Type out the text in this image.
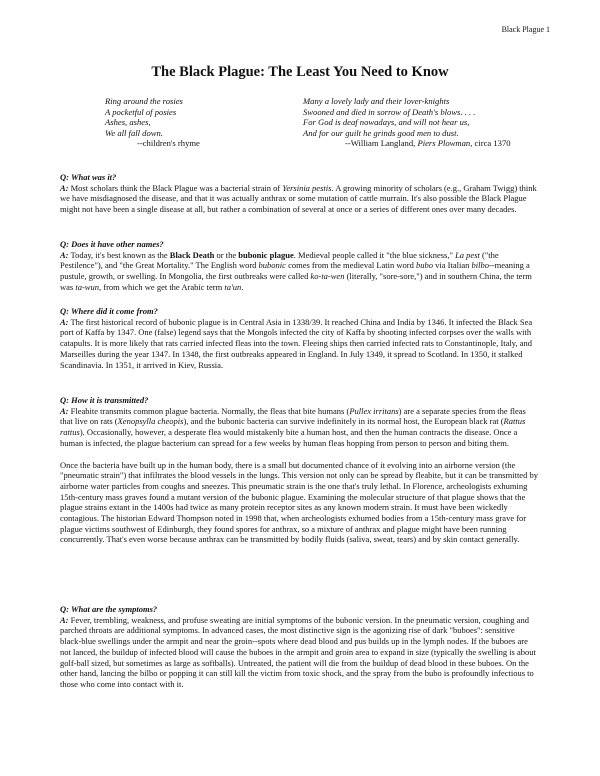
Black Plague 1
The Black Plague: The Least You Need to Know
Ring around the rosies
A pocketful of posies
Ashes, ashes,
We all fall down.
--children's rhyme
Many a lovely lady and their lover-knights
Swooned and died in sorrow of Death's blows. . . .
For God is deaf nowadays, and will not hear us,
And for our guilt he grinds good men to dust.
--William Langland, Piers Plowman, circa 1370
Q: What was it?

A: Most scholars think the Black Plague was a bacterial strain of Yersinia pestis. A growing minority of scholars (e.g., Graham Twigg) think we have misdiagnosed the disease, and that it was actually anthrax or some mutation of cattle murrain. It's also possible the Black Plague might not have been a single disease at all, but rather a combination of several at once or a series of different ones over many decades.

Q: Does it have other names?

A: Today, it's best known as the Black Death or the bubonic plague. Medieval people called it "the blue sickness," La pest ("the Pestilence"), and "the Great Mortality." The English word bubonic comes from the medieval Latin word bubo via Italian bilbo--meaning a pustule, growth, or swelling. In Mongolia, the first outbreaks were called ko-ta-wen (literally, "sore-sore,") and in southern China, the term was ta-wun, from which we get the Arabic term ta'un.

Q: Where did it come from?

A: The first historical record of bubonic plague is in Central Asia in 1338/39. It reached China and India by 1346. It infected the Black Sea port of Kaffa by 1347. One (false) legend says that the Mongols infected the city of Kaffa by shooting infected corpses over the walls with catapults. It is more likely that rats carried infected fleas into the town. Fleeing ships then carried infected rats to Constantinople, Italy, and Marseilles during the year 1347. In 1348, the first outbreaks appeared in England. In July 1349, it spread to Scotland. In 1350, it stalked Scandinavia. In 1351, it arrived in Kiev, Russia.

Q: How it is transmitted?

A: Fleabite transmits common plague bacteria. Normally, the fleas that bite humans (Pullex irritans) are a separate species from the fleas that live on rats (Xenopsylla cheopis), and the bubonic bacteria can survive indefinitely in its normal host, the European black rat (Rattus rattus). Occasionally, however, a desperate flea would mistakenly bite a human host, and then the human contracts the disease. Once a human is infected, the plague bacterium can spread for a few weeks by human fleas hopping from person to person and biting them.

Once the bacteria have built up in the human body, there is a small but documented chance of it evolving into an airborne version (the "pneumatic strain") that infiltrates the blood vessels in the lungs. This version not only can be spread by fleabite, but it can be transmitted by airborne water particles from coughs and sneezes. This pneumatic strain is the one that's truly lethal. In Florence, archeologists exhuming 15th-century mass graves found a mutant version of the bubonic plague. Examining the molecular structure of that plague shows that the plague strains extant in the 1400s had twice as many protein receptor sites as any known modern strain. It must have been wickedly contagious. The historian Edward Thompson noted in 1998 that, when archeologists exhumed bodies from a 15th-century mass grave for plague victims southwest of Edinburgh, they found spores for anthrax, so a mixture of anthrax and plague might have been running concurrently. That's even worse because anthrax can be transmitted by bodily fluids (saliva, sweat, tears) and by skin contact generally.

Q: What are the symptoms?

A: Fever, trembling, weakness, and profuse sweating are initial symptoms of the bubonic version. In the pneumatic version, coughing and parched throats are additional symptoms. In advanced cases, the most distinctive sign is the agonizing rise of dark "buboes": sensitive black-blue swellings under the armpit and near the groin--spots where dead blood and pus builds up in the lymph nodes. If the buboes are not lanced, the buildup of infected blood will cause the buboes in the armpit and groin area to expand in size (typically the swelling is about golf-ball sized, but sometimes as large as softballs). Untreated, the patient will die from the buildup of dead blood in these buboes. On the other hand, lancing the bilbo or popping it can still kill the victim from toxic shock, and the spray from the bubo is profoundly infectious to those who come into contact with it.
